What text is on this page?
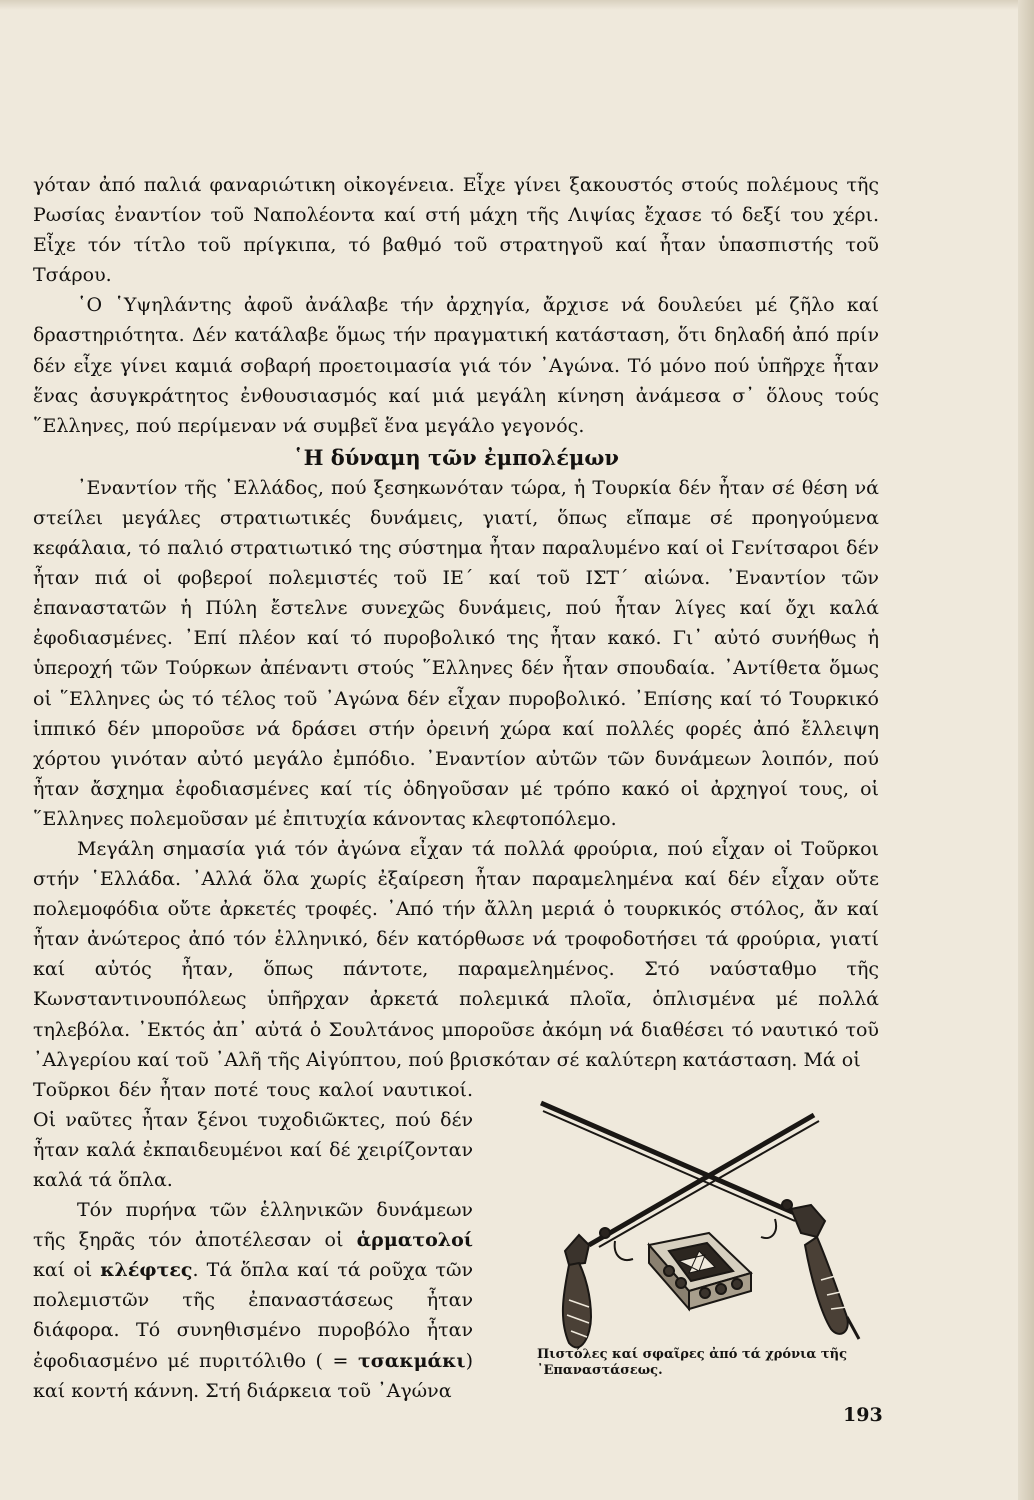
γόταν ἀπό παλιά φαναριώτικη οἰκογένεια. Εἶχε γίνει ξακουστός στούς πολέμους τῆς Ρωσίας ἐναντίον τοῦ Ναπολέοντα καί στή μάχη τῆς Λιψίας ἔχασε τό δεξί του χέρι. Εἶχε τόν τίτλο τοῦ πρίγκιπα, τό βαθμό τοῦ στρατηγοῦ καί ἦταν ὑπασπιστής τοῦ Τσάρου.

῾Ο ῾Υψηλάντης ἀφοῦ ἀνάλαβε τήν ἀρχηγία, ἄρχισε νά δουλεύει μέ ζῆλο καί δραστηριότητα. Δέν κατάλαβε ὅμως τήν πραγματική κατάσταση, ὅτι δηλαδή ἀπό πρίν δέν εἶχε γίνει καμιά σοβαρή προετοιμασία γιά τόν ᾿Αγώνα. Τό μόνο πού ὑπῆρχε ἦταν ἕνας ἀσυγκράτητος ἐνθουσιασμός καί μιά μεγάλη κίνηση ἀνάμεσα σ᾿ ὅλους τούς ῞Ελληνες, πού περίμεναν νά συμβεῖ ἕνα μεγάλο γεγονός.

῾Η δύναμη τῶν ἐμπολέμων

᾿Εναντίον τῆς ῾Ελλάδος, πού ξεσηκωνόταν τώρα, ἡ Τουρκία δέν ἦταν σέ θέση νά στείλει μεγάλες στρατιωτικές δυνάμεις, γιατί, ὅπως εἴπαμε σέ προηγούμενα κεφάλαια, τό παλιό στρατιωτικό της σύστημα ἦταν παραλυμένο καί οἱ Γενίτσαροι δέν ἦταν πιά οἱ φοβεροί πολεμιστές τοῦ ΙΕ΄ καί τοῦ ΙΣΤ΄ αἰώνα. ᾿Εναντίον τῶν ἐπαναστατῶν ἡ Πύλη ἔστελνε συνεχῶς δυνάμεις, πού ἦταν λίγες καί ὄχι καλά ἐφοδιασμένες. ᾿Επί πλέον καί τό πυροβολικό της ἦταν κακό. Γι᾿ αὐτό συνήθως ἡ ὑπεροχή τῶν Τούρκων ἀπέναντι στούς ῞Ελληνες δέν ἦταν σπουδαία. ᾿Αντίθετα ὅμως οἱ ῞Ελληνες ὡς τό τέλος τοῦ ᾿Αγώνα δέν εἶχαν πυροβολικό. ᾿Επίσης καί τό Τουρκικό ἱππικό δέν μποροῦσε νά δράσει στήν ὀρεινή χώρα καί πολλές φορές ἀπό ἔλλειψη χόρτου γινόταν αὐτό μεγάλο ἐμπόδιο. ᾿Εναντίον αὐτῶν τῶν δυνάμεων λοιπόν, πού ἦταν ἄσχημα ἐφοδιασμένες καί τίς ὁδηγοῦσαν μέ τρόπο κακό οἱ ἀρχηγοί τους, οἱ ῞Ελληνες πολεμοῦσαν μέ ἐπιτυχία κάνοντας κλεφτοπόλεμο.

Μεγάλη σημασία γιά τόν ἀγώνα εἶχαν τά πολλά φρούρια, πού εἶχαν οἱ Τοῦρκοι στήν ῾Ελλάδα. ᾿Αλλά ὅλα χωρίς ἐξαίρεση ἦταν παραμελημένα καί δέν εἶχαν οὔτε πολεμοφόδια οὔτε ἀρκετές τροφές. ᾿Από τήν ἄλλη μεριά ὁ τουρκικός στόλος, ἄν καί ἦταν ἀνώτερος ἀπό τόν ἑλληνικό, δέν κατόρθωσε νά τροφοδοτήσει τά φρούρια, γιατί καί αὐτός ἦταν, ὅπως πάντοτε, παραμελημένος. Στό ναύσταθμο τῆς Κωνσταντινουπόλεως ὑπῆρχαν ἀρκετά πολεμικά πλοῖα, ὁπλισμένα μέ πολλά τηλεβόλα. ᾿Εκτός ἀπ᾿ αὐτά ὁ Σουλτάνος μποροῦσε ἀκόμη νά διαθέσει τό ναυτικό τοῦ ᾿Αλγερίου καί τοῦ ᾿Αλῆ τῆς Αἰγύπτου, πού βρισκόταν σέ καλύτερη κατάσταση. Μά οἱ

Τοῦρκοι δέν ἦταν ποτέ τους καλοί ναυτικοί. Οἱ ναῦτες ἦταν ξένοι τυχοδιῶκτες, πού δέν ἦταν καλά ἐκπαιδευμένοι καί δέ χειρίζονταν καλά τά ὅπλα.

Τόν πυρήνα τῶν ἑλληνικῶν δυνάμεων τῆς ξηρᾶς τόν ἀποτέλεσαν οἱ ἁρματολοί καί οἱ κλέφτες. Τά ὅπλα καί τά ροῦχα τῶν πολεμιστῶν τῆς ἐπαναστάσεως ἦταν διάφορα. Τό συνηθισμένο πυροβόλο ἦταν ἐφοδιασμένο μέ πυριτόλιθο ( = τσακμάκι) καί κοντή κάννη. Στή διάρκεια τοῦ ᾿Αγώνα

Πιστόλες καί σφαῖρες ἀπό τά χρόνια τῆς ᾿Επαναστάσεως.
193
